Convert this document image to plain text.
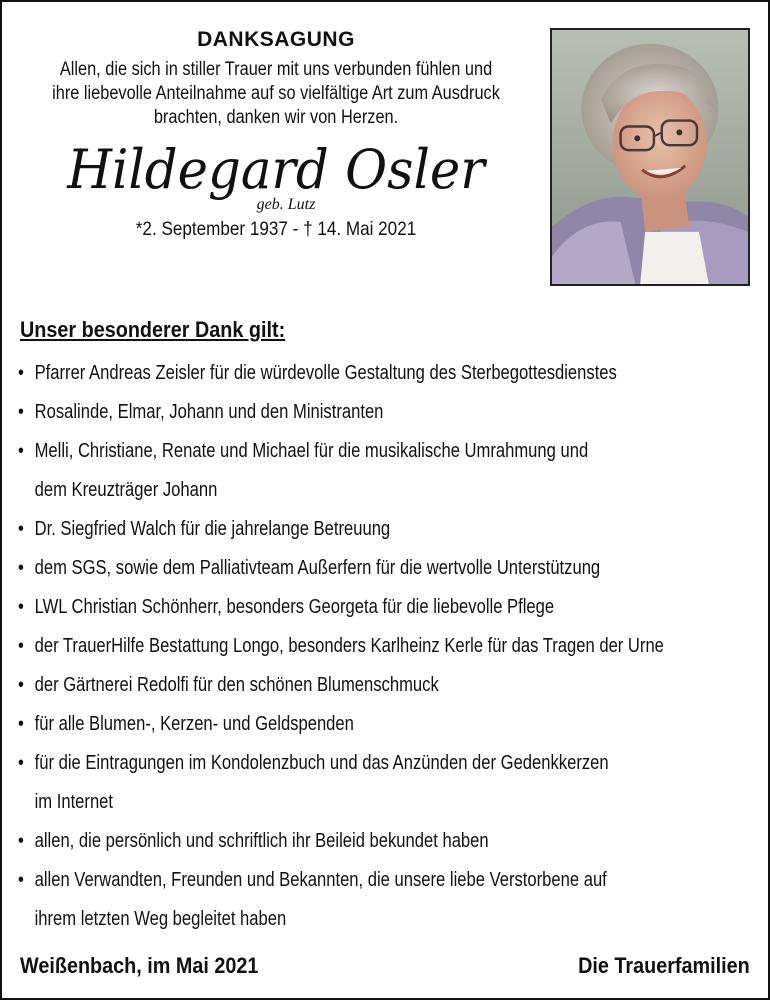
DANKSAGUNG
Allen, die sich in stiller Trauer mit uns verbunden fühlen und
ihre liebevolle Anteilnahme auf so vielfältige Art zum Ausdruck
brachten, danken wir von Herzen.
Hildegard Osler
geb. Lutz
*2. September 1937 - † 14. Mai 2021
Unser besonderer Dank gilt:
• Pfarrer Andreas Zeisler für die würdevolle Gestaltung des Sterbegottesdienstes
• Rosalinde, Elmar, Johann und den Ministranten
• Melli, Christiane, Renate und Michael für die musikalische Umrahmung und
dem Kreuzträger Johann
• Dr. Siegfried Walch für die jahrelange Betreuung
• dem SGS, sowie dem Palliativteam Außerfern für die wertvolle Unterstützung
• LWL Christian Schönherr, besonders Georgeta für die liebevolle Pflege
• der TrauerHilfe Bestattung Longo, besonders Karlheinz Kerle für das Tragen der Urne
• der Gärtnerei Redolfi für den schönen Blumenschmuck
• für alle Blumen-, Kerzen- und Geldspenden
• für die Eintragungen im Kondolenzbuch und das Anzünden der Gedenkkerzen
im Internet
• allen, die persönlich und schriftlich ihr Beileid bekundet haben
• allen Verwandten, Freunden und Bekannten, die unsere liebe Verstorbene auf
ihrem letzten Weg begleitet haben
Weißenbach, im Mai 2021	Die Trauerfamilien
